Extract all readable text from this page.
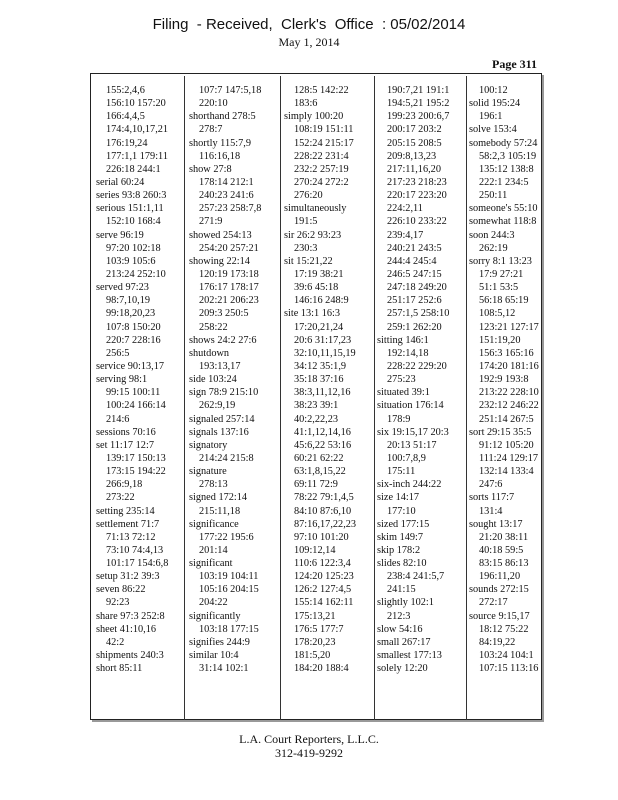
Filing  - Received,  Clerk's  Office  : 05/02/2014
May 1, 2014
Page 311
155:2,4,6
156:10 157:20
166:4,4,5
174:4,10,17,21
176:19,24
177:1,1 179:11
226:18 244:1
serial 60:24
series 93:8 260:3
serious 151:1,11
152:10 168:4
serve 96:19
97:20 102:18
103:9 105:6
213:24 252:10
served 97:23
98:7,10,19
99:18,20,23
107:8 150:20
220:7 228:16
256:5
service 90:13,17
serving 98:1
99:15 100:11
100:24 166:14
214:6
sessions 70:16
set 11:17 12:7
139:17 150:13
173:15 194:22
266:9,18
273:22
setting 235:14
settlement 71:7
71:13 72:12
73:10 74:4,13
101:17 154:6,8
setup 31:2 39:3
seven 86:22
92:23
share 97:3 252:8
sheet 41:10,16
42:2
shipments 240:3
short 85:11
107:7 147:5,18
220:10
shorthand 278:5
278:7
shortly 115:7,9
116:16,18
show 27:8
178:14 212:1
240:23 241:6
257:23 258:7,8
271:9
showed 254:13
254:20 257:21
showing 22:14
120:19 173:18
176:17 178:17
202:21 206:23
209:3 250:5
258:22
shows 24:2 27:6
shutdown
193:13,17
side 103:24
sign 78:9 215:10
262:9,19
signaled 257:14
signals 137:16
signatory
214:24 215:8
signature
278:13
signed 172:14
215:11,18
significance
177:22 195:6
201:14
significant
103:19 104:11
105:16 204:15
204:22
significantly
103:18 177:15
signifies 244:9
similar 10:4
31:14 102:1
128:5 142:22
183:6
simply 100:20
108:19 151:11
152:24 215:17
228:22 231:4
232:2 257:19
270:24 272:2
276:20
simultaneously
191:5
sir 26:2 93:23
230:3
sit 15:21,22
17:19 38:21
39:6 45:18
146:16 248:9
site 13:1 16:3
17:20,21,24
20:6 31:17,23
32:10,11,15,19
34:12 35:1,9
35:18 37:16
38:3,11,12,16
38:23 39:1
40:2,22,23
41:1,12,14,16
45:6,22 53:16
60:21 62:22
63:1,8,15,22
69:11 72:9
78:22 79:1,4,5
84:10 87:6,10
87:16,17,22,23
97:10 101:20
109:12,14
110:6 122:3,4
124:20 125:23
126:2 127:4,5
155:14 162:11
175:13,21
176:5 177:7
178:20,23
181:5,20
184:20 188:4
190:7,21 191:1
194:5,21 195:2
199:23 200:6,7
200:17 203:2
205:15 208:5
209:8,13,23
217:11,16,20
217:23 218:23
220:17 223:20
224:2,11
226:10 233:22
239:4,17
240:21 243:5
244:4 245:4
246:5 247:15
247:18 249:20
251:17 252:6
257:1,5 258:10
259:1 262:20
sitting 146:1
192:14,18
228:22 229:20
275:23
situated 39:1
situation 176:14
178:9
six 19:15,17 20:3
20:13 51:17
100:7,8,9
175:11
six-inch 244:22
size 14:17
177:10
sized 177:15
skim 149:7
skip 178:2
slides 82:10
238:4 241:5,7
241:15
slightly 102:1
212:3
slow 54:16
small 267:17
smallest 177:13
solely 12:20
100:12
solid 195:24
196:1
solve 153:4
somebody 57:24
58:2,3 105:19
135:12 138:8
222:1 234:5
250:11
someone's 55:10
somewhat 118:8
soon 244:3
262:19
sorry 8:1 13:23
17:9 27:21
51:1 53:5
56:18 65:19
108:5,12
123:21 127:17
151:19,20
156:3 165:16
174:20 181:16
192:9 193:8
213:22 228:10
232:12 246:22
251:14 267:5
sort 29:15 35:5
91:12 105:20
111:24 129:17
132:14 133:4
247:6
sorts 117:7
131:4
sought 13:17
21:20 38:11
40:18 59:5
83:15 86:13
196:11,20
sounds 272:15
272:17
source 9:15,17
18:12 75:22
84:19,22
103:24 104:1
107:15 113:16
L.A. Court Reporters, L.L.C.
312-419-9292
